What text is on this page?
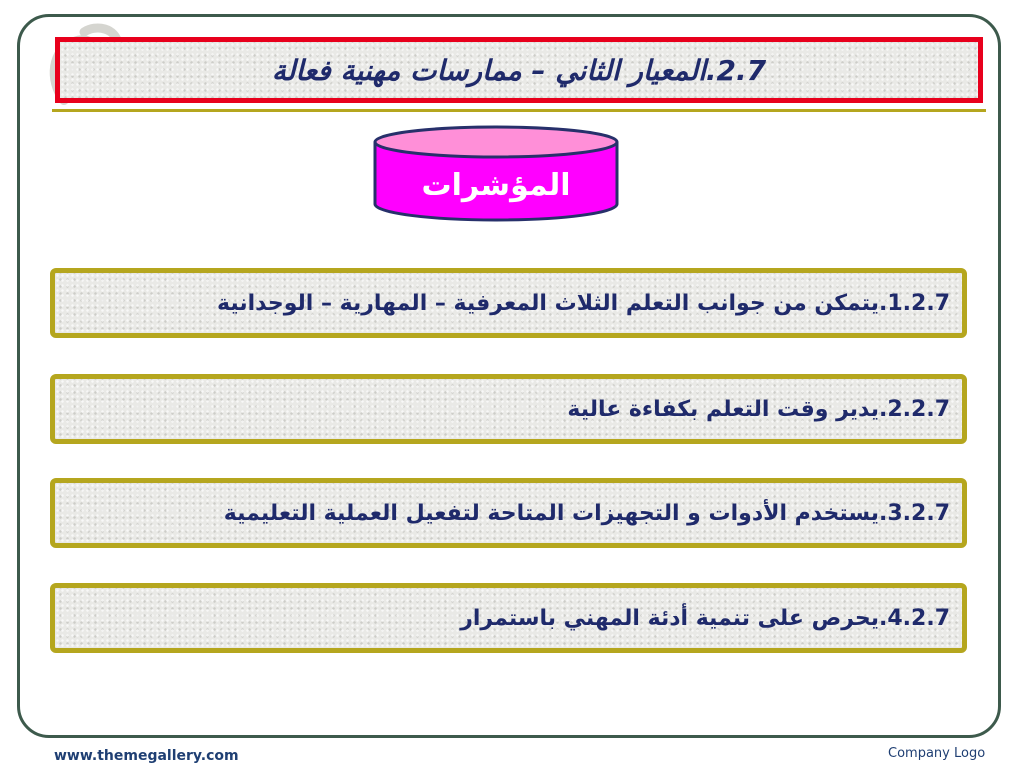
2.7.المعيار الثاني – ممارسات مهنية فعالة
المؤشرات
1.2.7.يتمكن من جوانب التعلم الثلاث المعرفية – المهارية – الوجدانية
2.2.7.يدير وقت التعلم بكفاءة عالية
3.2.7.يستخدم الأدوات و التجهيزات المتاحة لتفعيل العملية التعليمية
4.2.7.يحرص على تنمية أدئة المهني باستمرار
www.themegallery.com	Company Logo
